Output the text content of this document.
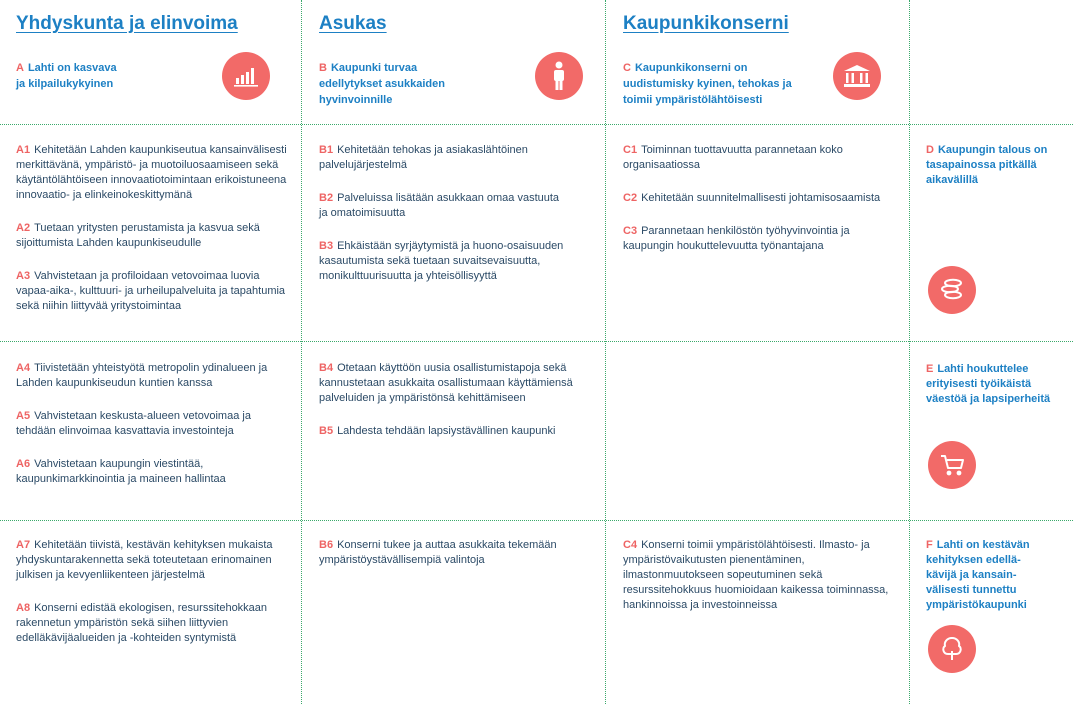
Yhdyskunta ja elinvoima	Asukas	Kaupunkikonserni
A Lahti on kasvava ja kilpailukykyinen
B Kaupunki turvaa edellytykset asukkaiden hyvinvoinnille
C Kaupunkikonserni on uudistumisky kyinen, tehokas ja toimii ympäristölähtöisesti

A1 Kehitetään Lahden kaupunkiseutua kansainvälisesti merkittävänä, ympäristö- ja muotoiluosaamiseen sekä käytäntölähtöiseen innovaatiotoimintaan erikoistuneena innovaatio- ja elinkeinokeskittymänä

A2 Tuetaan yritysten perustamista ja kasvua sekä sijoittumista Lahden kaupunkiseudulle

A3 Vahvistetaan ja profiloidaan vetovoimaa luovia vapaa-aika-, kulttuuri- ja urheilupalveluita ja tapahtumia sekä niihin liittyvää yritystoimintaa

B1 Kehitetään tehokas ja asiakaslähtöinen palvelujärjestelmä

B2 Palveluissa lisätään asukkaan omaa vastuuta ja omatoimisuutta

B3 Ehkäistään syrjäytymistä ja huono-osaisuuden kasautumista sekä tuetaan suvaitsevaisuutta, monikulttuurisuutta ja yhteisöllisyyttä

C1 Toiminnan tuottavuutta parannetaan koko organisaatiossa

C2 Kehitetään suunnitelmallisesti johtamisosaamista

C3 Parannetaan henkilöstön työhyvinvointia ja kaupungin houkuttelevuutta työnantajana

D Kaupungin talous on tasapainossa pitkällä aikavälillä

A4 Tiivistetään yhteistyötä metropolin ydinalueen ja Lahden kaupunkiseudun kuntien kanssa

A5 Vahvistetaan keskusta-alueen vetovoimaa ja tehdään elinvoimaa kasvattavia investointeja

A6 Vahvistetaan kaupungin viestintää, kaupunkimarkkinointia ja maineen hallintaa

B4 Otetaan käyttöön uusia osallistumistapoja sekä kannustetaan asukkaita osallistumaan käyttämiensä palveluiden ja ympäristönsä kehittämiseen

B5 Lahdesta tehdään lapsiystävällinen kaupunki

E Lahti houkuttelee erityisesti työikäistä väestöä ja lapsiperheitä

A7 Kehitetään tiivistä, kestävän kehityksen mukaista yhdyskuntarakennetta sekä toteutetaan erinomainen julkisen ja kevyenliikenteen järjestelmä

A8 Konserni edistää ekologisen, resurssitehokkaan rakennetun ympäristön sekä siihen liittyvien edelläkävijäalueiden ja -kohteiden syntymistä

B6 Konserni tukee ja auttaa asukkaita tekemään ympäristöystävällisempiä valintoja

C4 Konserni toimii ympäristölähtöisesti. Ilmasto- ja ympäristövaikutusten pienentäminen, ilmastonmuutokseen sopeutuminen sekä resurssitehokkuus huomioidaan kaikessa toiminnassa, hankinnoissa ja investoinneissa

F Lahti on kestävän kehityksen edellä-kävijä ja kansain-välisesti tunnettu ympäristökaupunki
